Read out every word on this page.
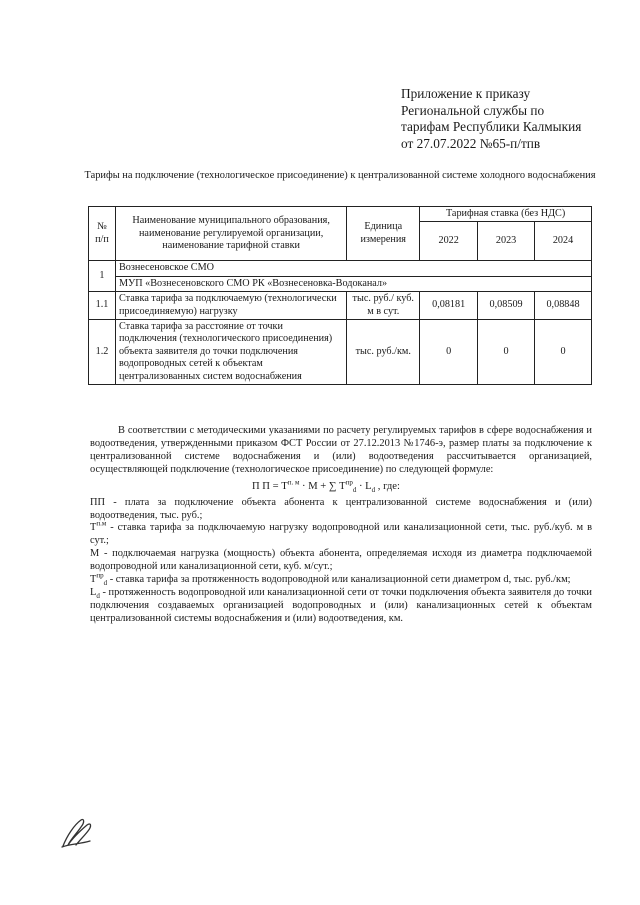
Приложение к приказу
Региональной службы по
тарифам Республики Калмыкия
от 27.07.2022 №65-п/тпв
Тарифы на подключение (технологическое присоединение) к централизованной системе холодного водоснабжения
№ п/п	Наименование муниципального образования, наименование регулируемой организации, наименование тарифной ставки	Единица измерения	Тарифная ставка (без НДС)		
			2022	2023	2024
1	Вознесеновское СМО				
	МУП «Вознесеновского СМО РК «Вознесеновка-Водоканал»				
1.1	Ставка тарифа за подключаемую (технологически присоединяемую) нагрузку	тыс. руб./ куб. м в сут.	0,08181	0,08509	0,08848
1.2	Ставка тарифа за расстояние от точки подключения (технологического присоединения) объекта заявителя до точки подключения водопроводных сетей к объектам централизованных систем водоснабжения	тыс. руб./км.	0	0	0

В соответствии с методическими указаниями по расчету регулируемых тарифов в сфере водоснабжения и водоотведения, утвержденными приказом ФСТ России от 27.12.2013 №1746-э, размер платы за подключение к централизованной системе водоснабжения и (или) водоотведения рассчитывается организацией, осуществляющей подключение (технологическое присоединение) по следующей формуле:

П $П = Т^{п. м} \cdot М$ + ∑ $Т^{пр}_d \cdot L_d$ , где:

ПП - плата за подключение объекта абонента к централизованной системе водоснабжения и (или) водоотведения, тыс. руб.;

$Т^{п.м}$ - ставка тарифа за подключаемую нагрузку водопроводной или канализационной сети, тыс. руб./куб. м в сут.;

М - подключаемая нагрузка (мощность) объекта абонента, определяемая исходя из диаметра подключаемой водопроводной или канализационной сети, куб. м/сут.;

$Т^{пр}_d$ - ставка тарифа за протяженность водопроводной или канализационной сети диаметром d, тыс. руб./км;

$L_d$ - протяженность водопроводной или канализационной сети от точки подключения объекта заявителя до точки подключения создаваемых организацией водопроводных и (или) канализационных сетей к объектам централизованной системы водоснабжения и (или) водоотведения, км.
